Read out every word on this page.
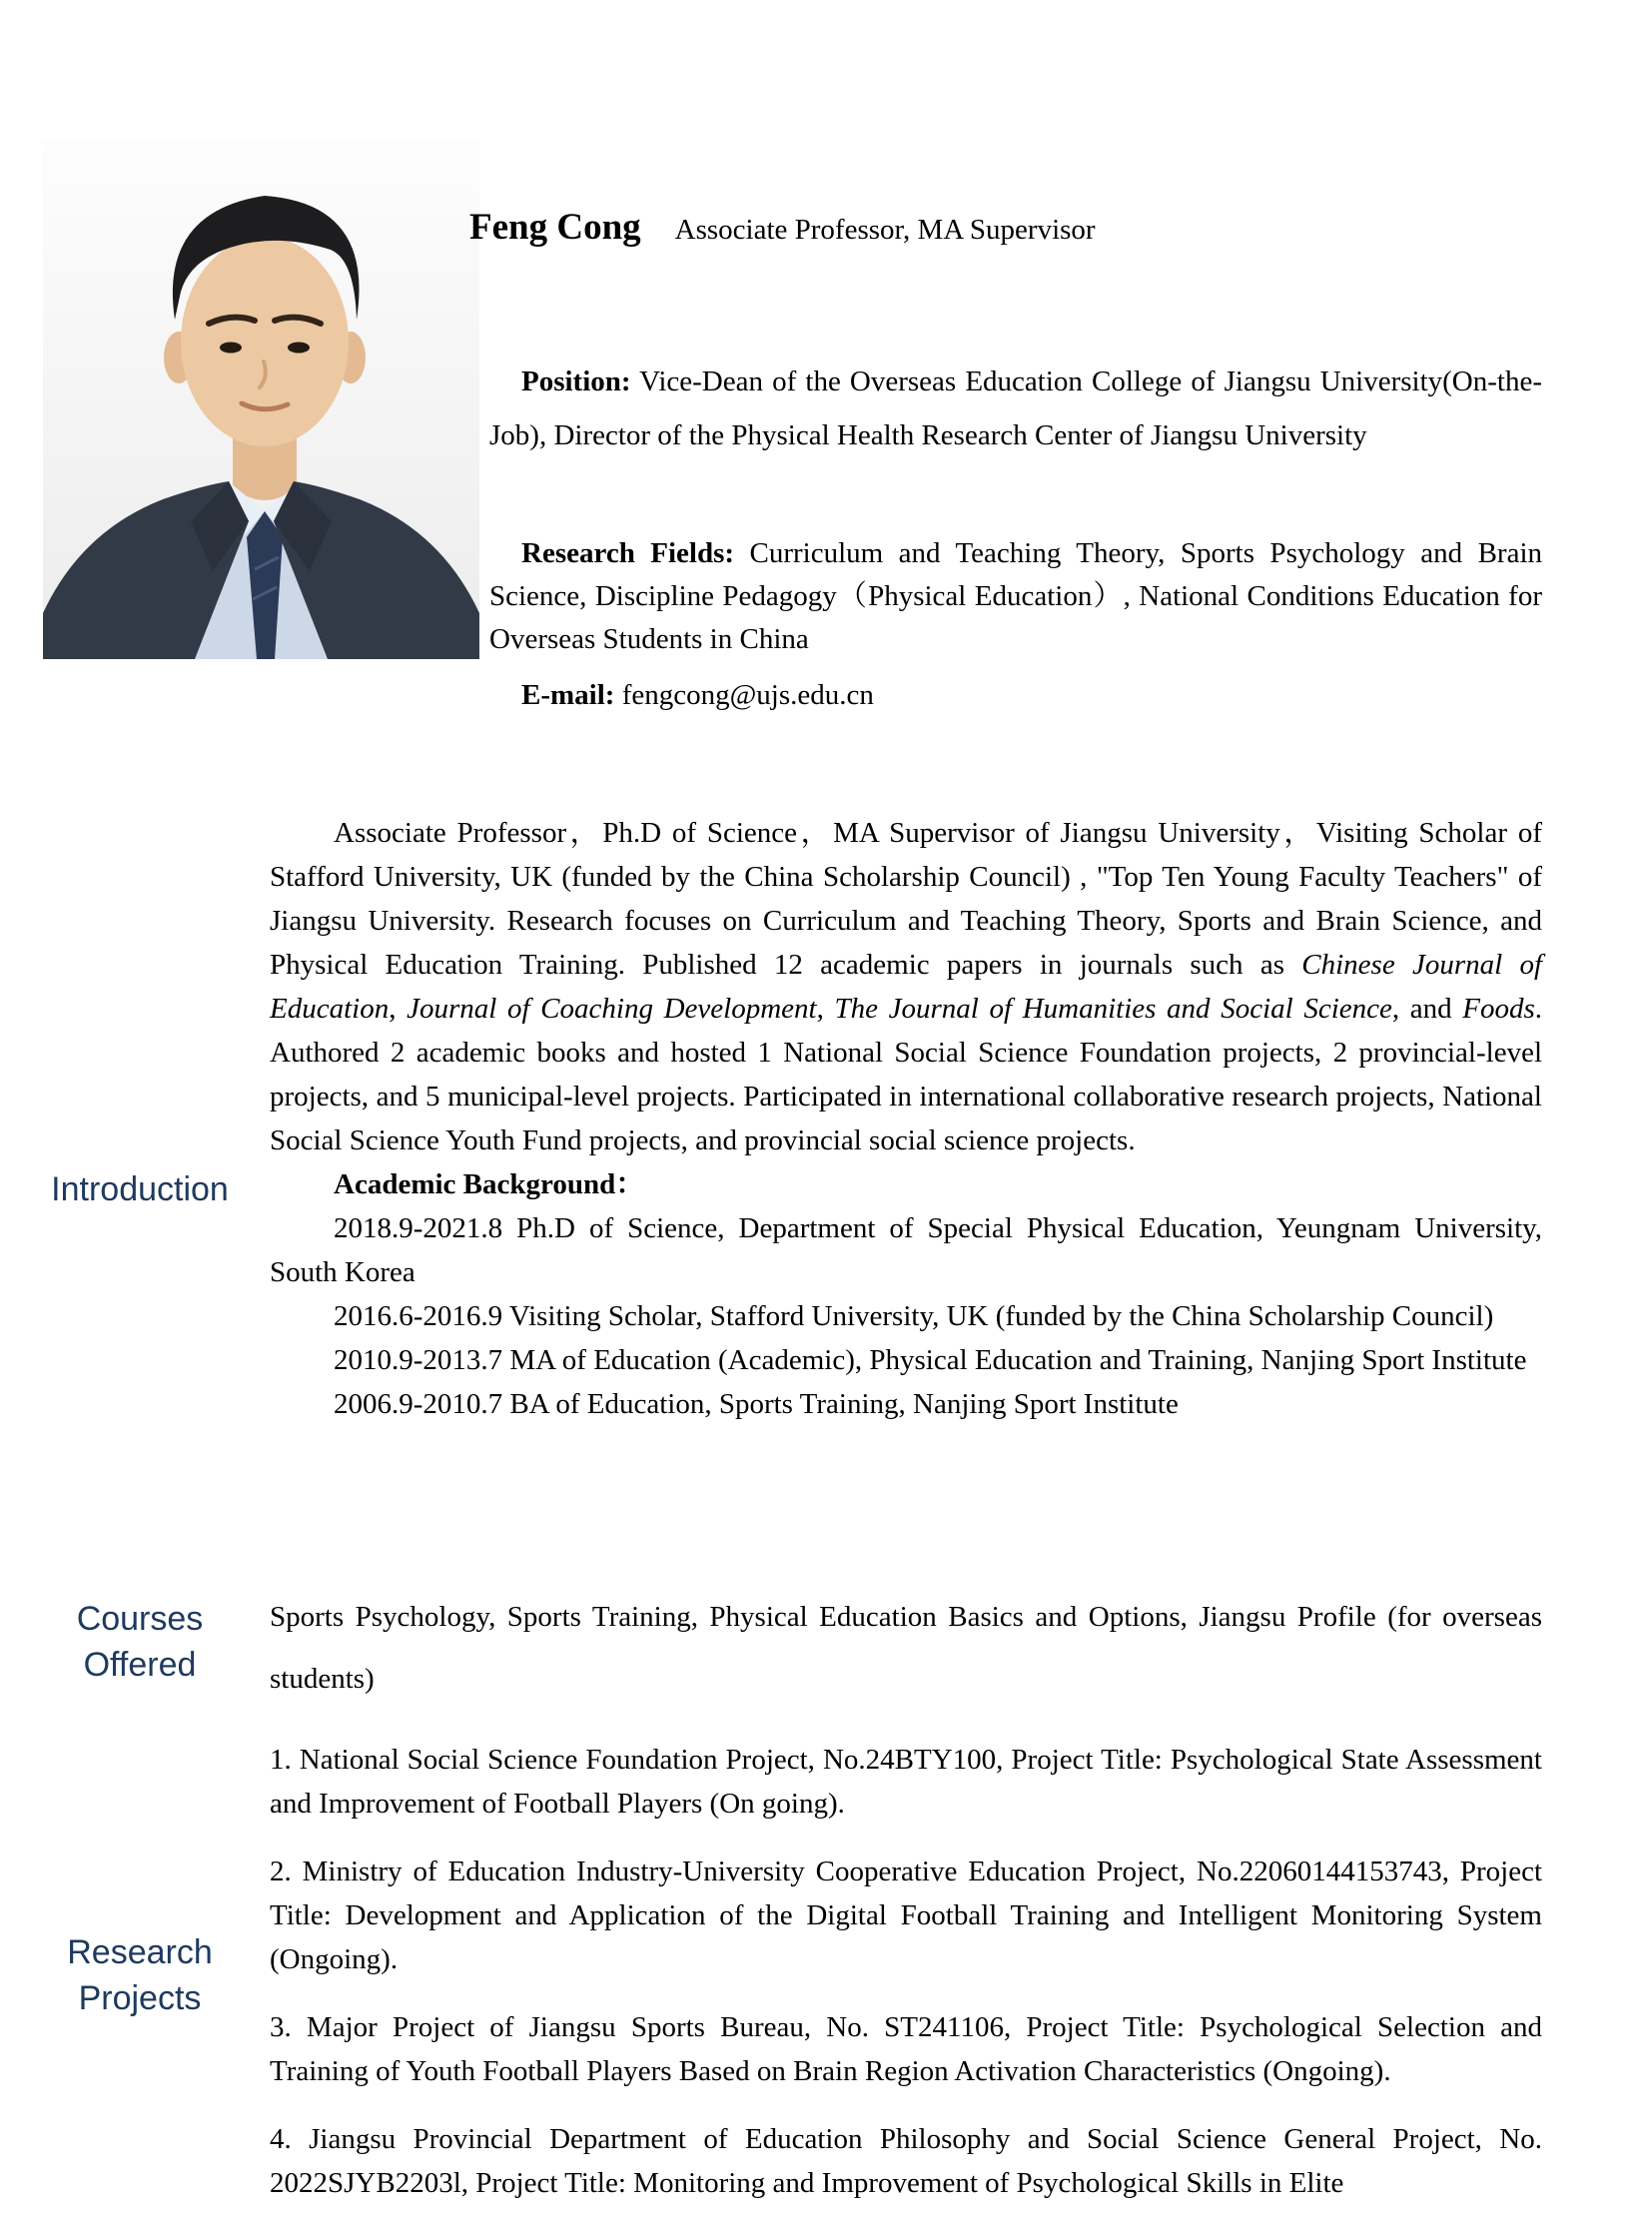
Feng Cong Associate Professor, MA Supervisor

Position: Vice-Dean of the Overseas Education College of Jiangsu University(On-the-Job), Director of the Physical Health Research Center of Jiangsu University

Research Fields: Curriculum and Teaching Theory, Sports Psychology and Brain Science, Discipline Pedagogy（Physical Education）, National Conditions Education for Overseas Students in China

E-mail: fengcong@ujs.edu.cn

Introduction
Courses
Offered
Research
Projects

Associate Professor，Ph.D of Science，MA Supervisor of Jiangsu University，Visiting Scholar of Stafford University, UK (funded by the China Scholarship Council) , "Top Ten Young Faculty Teachers" of Jiangsu University. Research focuses on Curriculum and Teaching Theory, Sports and Brain Science, and Physical Education Training. Published 12 academic papers in journals such as Chinese Journal of Education, Journal of Coaching Development, The Journal of Humanities and Social Science, and Foods. Authored 2 academic books and hosted 1 National Social Science Foundation projects, 2 provincial-level projects, and 5 municipal-level projects. Participated in international collaborative research projects, National Social Science Youth Fund projects, and provincial social science projects.

Academic Background：

2018.9-2021.8 Ph.D of Science, Department of Special Physical Education, Yeungnam University, South Korea

2016.6-2016.9 Visiting Scholar, Stafford University, UK (funded by the China Scholarship Council)

2010.9-2013.7 MA of Education (Academic), Physical Education and Training, Nanjing Sport Institute

2006.9-2010.7 BA of Education, Sports Training, Nanjing Sport Institute

Sports Psychology, Sports Training, Physical Education Basics and Options, Jiangsu Profile (for overseas students)

1. National Social Science Foundation Project, No.24BTY100, Project Title: Psychological State Assessment and Improvement of Football Players (On going).

2. Ministry of Education Industry-University Cooperative Education Project, No.22060144153743, Project Title: Development and Application of the Digital Football Training and Intelligent Monitoring System (Ongoing).

3. Major Project of Jiangsu Sports Bureau, No. ST241106, Project Title: Psychological Selection and Training of Youth Football Players Based on Brain Region Activation Characteristics (Ongoing).

4. Jiangsu Provincial Department of Education Philosophy and Social Science General Project, No. 2022SJYB2203l, Project Title: Monitoring and Improvement of Psychological Skills in Elite
